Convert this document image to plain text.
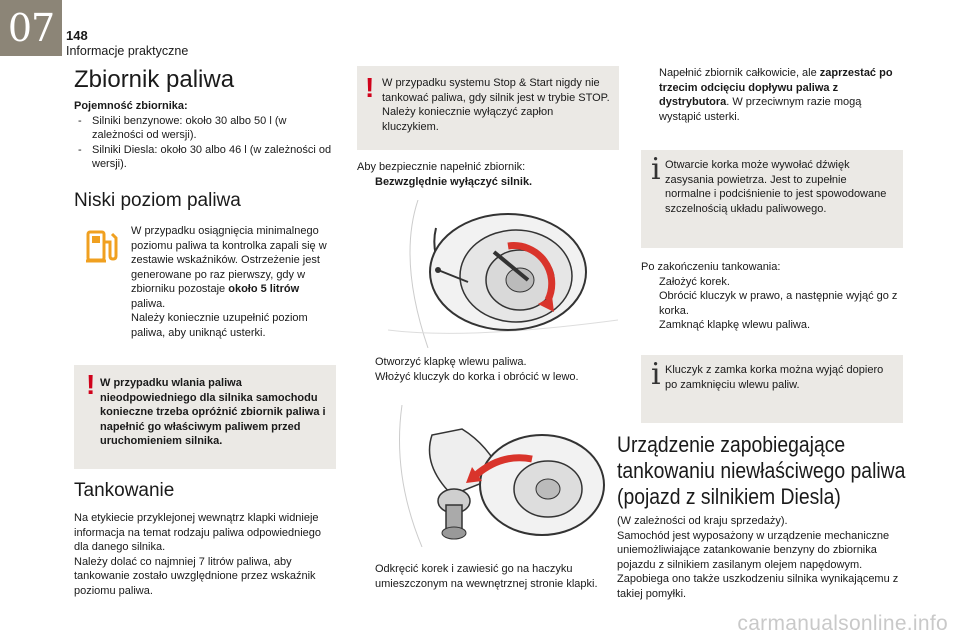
07 148
Informacje praktyczne
Zbiornik paliwa

Pojemność zbiornika:

- Silniki benzynowe: około 30 albo 50 l (w zależności od wersji).
- Silniki Diesla: około 30 albo 46 l (w zależności od wersji).
Niski poziom paliwa

W przypadku osiągnięcia minimalnego poziomu paliwa ta kontrolka zapali się w zestawie wskaźników. Ostrzeżenie jest generowane po raz pierwszy, gdy w zbiorniku pozostaje około 5 litrów paliwa.

Należy koniecznie uzupełnić poziom paliwa, aby uniknąć usterki.

! W przypadku wlania paliwa nieodpowiedniego dla silnika samochodu konieczne trzeba opróżnić zbiornik paliwa i napełnić go właściwym paliwem przed uruchomieniem silnika.

Tankowanie

Na etykiecie przyklejonej wewnątrz klapki widnieje informacja na temat rodzaju paliwa odpowiedniego dla danego silnika.

Należy dolać co najmniej 7 litrów paliwa, aby tankowanie zostało uwzględnione przez wskaźnik poziomu paliwa.

! W przypadku systemu Stop & Start nigdy nie tankować paliwa, gdy silnik jest w trybie STOP. Należy koniecznie wyłączyć zapłon kluczykiem.

Aby bezpiecznie napełnić zbiornik:

Bezwzględnie wyłączyć silnik.
Otworzyć klapkę wlewu paliwa.
Włożyć kluczyk do korka i obrócić w lewo.
Odkręcić korek i zawiesić go na haczyku umieszczonym na wewnętrznej stronie klapki.
Napełnić zbiornik całkowicie, ale zaprzestać po trzecim odcięciu dopływu paliwa z dystrybutora. W przeciwnym razie mogą wystąpić usterki.
i Otwarcie korka może wywołać dźwięk zasysania powietrza. Jest to zupełnie normalne i podciśnienie to jest spowodowane szczelnością układu paliwowego.

Po zakończeniu tankowania:

Założyć korek.
Obrócić kluczyk w prawo, a następnie wyjąć go z korka.
Zamknąć klapkę wlewu paliwa.
i Kluczyk z zamka korka można wyjąć dopiero po zamknięciu wlewu paliw.

Urządzenie zapobiegające tankowaniu niewłaściwego paliwa (pojazd z silnikiem Diesla)

(W zależności od kraju sprzedaży).

Samochód jest wyposażony w urządzenie mechaniczne uniemożliwiające zatankowanie benzyny do zbiornika pojazdu z silnikiem zasilanym olejem napędowym. Zapobiega ono także uszkodzeniu silnika wynikającemu z takiej pomyłki.

carmanualsonline.info
